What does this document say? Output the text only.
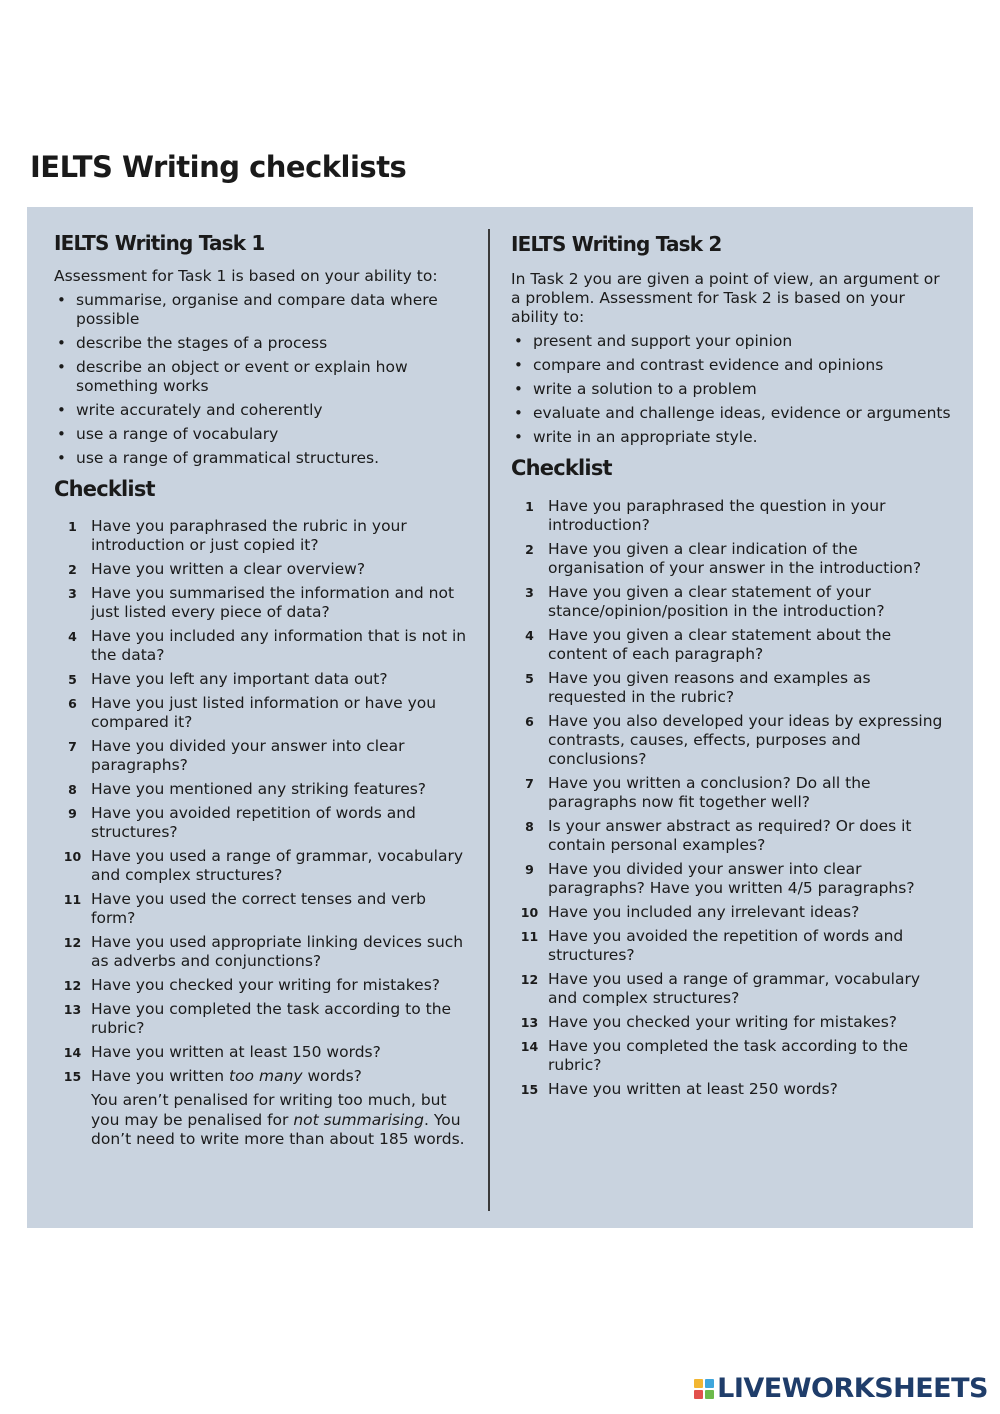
IELTS Writing checklists
IELTS Writing Task 1

Assessment for Task 1 is based on your ability to:

• summarise, organise and compare data where possible
• describe the stages of a process
• describe an object or event or explain how something works
• write accurately and coherently
• use a range of vocabulary
• use a range of grammatical structures.
Checklist
1 Have you paraphrased the rubric in your introduction or just copied it?
2 Have you written a clear overview?
3 Have you summarised the information and not just listed every piece of data?
4 Have you included any information that is not in the data?
5 Have you left any important data out?
6 Have you just listed information or have you compared it?
7 Have you divided your answer into clear paragraphs?
8 Have you mentioned any striking features?
9 Have you avoided repetition of words and structures?
10 Have you used a range of grammar, vocabulary and complex structures?
11 Have you used the correct tenses and verb form?
12 Have you used appropriate linking devices such as adverbs and conjunctions?
12 Have you checked your writing for mistakes?
13 Have you completed the task according to the rubric?
14 Have you written at least 150 words?
15 Have you written too many words?

You aren’t penalised for writing too much, but you may be penalised for not summarising. You don’t need to write more than about 185 words.

IELTS Writing Task 2

In Task 2 you are given a point of view, an argument or a problem. Assessment for Task 2 is based on your ability to:

• present and support your opinion
• compare and contrast evidence and opinions
• write a solution to a problem
• evaluate and challenge ideas, evidence or arguments
• write in an appropriate style.
Checklist
1 Have you paraphrased the question in your introduction?
2 Have you given a clear indication of the organisation of your answer in the introduction?
3 Have you given a clear statement of your stance/opinion/position in the introduction?
4 Have you given a clear statement about the content of each paragraph?
5 Have you given reasons and examples as requested in the rubric?
6 Have you also developed your ideas by expressing contrasts, causes, effects, purposes and conclusions?
7 Have you written a conclusion? Do all the paragraphs now fit together well?
8 Is your answer abstract as required? Or does it contain personal examples?
9 Have you divided your answer into clear paragraphs? Have you written 4/5 paragraphs?
10 Have you included any irrelevant ideas?
11 Have you avoided the repetition of words and structures?
12 Have you used a range of grammar, vocabulary and complex structures?
13 Have you checked your writing for mistakes?
14 Have you completed the task according to the rubric?
15 Have you written at least 250 words?
LIVEWORKSHEETS
